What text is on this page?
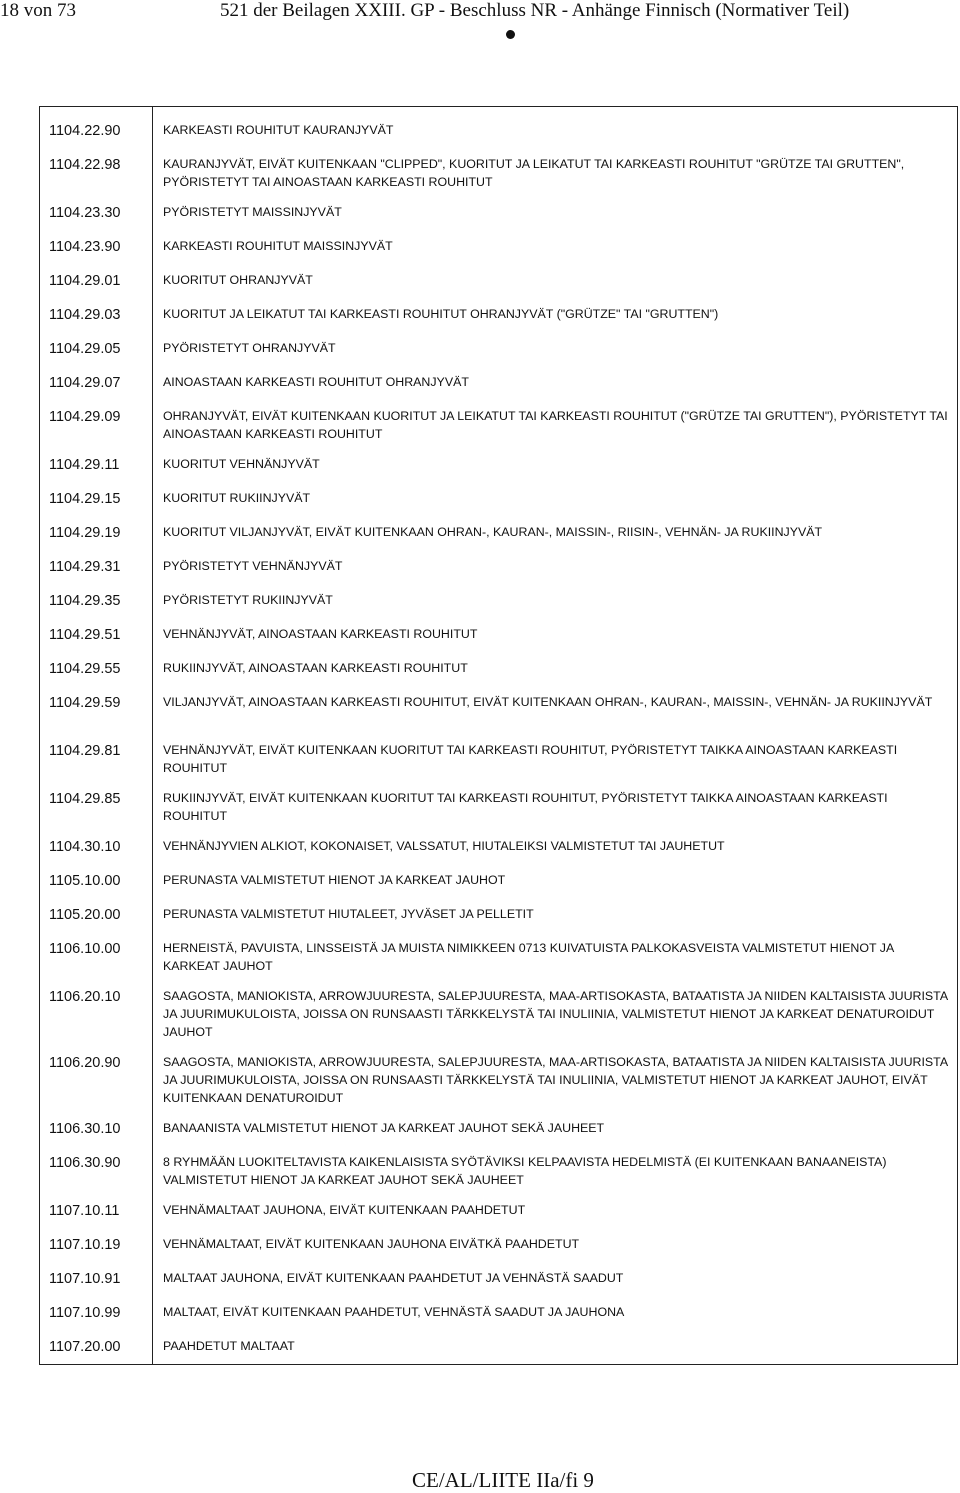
18 von 73	521 der Beilagen XXIII. GP - Beschluss NR - Anhänge Finnisch (Normativer Teil)
1104.22.90	KARKEASTI ROUHITUT KAURANJYVÄT
1104.22.98	KAURANJYVÄT, EIVÄT KUITENKAAN "CLIPPED", KUORITUT JA LEIKATUT TAI KARKEASTI ROUHITUT "GRÜTZE TAI GRUTTEN", PYÖRISTETYT TAI AINOASTAAN KARKEASTI ROUHITUT
1104.23.30	PYÖRISTETYT MAISSINJYVÄT
1104.23.90	KARKEASTI ROUHITUT MAISSINJYVÄT
1104.29.01	KUORITUT OHRANJYVÄT
1104.29.03	KUORITUT JA LEIKATUT TAI KARKEASTI ROUHITUT OHRANJYVÄT ("GRÜTZE" TAI "GRUTTEN")
1104.29.05	PYÖRISTETYT OHRANJYVÄT
1104.29.07	AINOASTAAN KARKEASTI ROUHITUT OHRANJYVÄT
1104.29.09	OHRANJYVÄT, EIVÄT KUITENKAAN KUORITUT JA LEIKATUT TAI KARKEASTI ROUHITUT ("GRÜTZE TAI GRUTTEN"), PYÖRISTETYT TAI AINOASTAAN KARKEASTI ROUHITUT
1104.29.11	KUORITUT VEHNÄNJYVÄT
1104.29.15	KUORITUT RUKIINJYVÄT
1104.29.19	KUORITUT VILJANJYVÄT, EIVÄT KUITENKAAN OHRAN-, KAURAN-, MAISSIN-, RIISIN-, VEHNÄN- JA RUKIINJYVÄT
1104.29.31	PYÖRISTETYT VEHNÄNJYVÄT
1104.29.35	PYÖRISTETYT RUKIINJYVÄT
1104.29.51	VEHNÄNJYVÄT, AINOASTAAN KARKEASTI ROUHITUT
1104.29.55	RUKIINJYVÄT, AINOASTAAN KARKEASTI ROUHITUT
1104.29.59	VILJANJYVÄT, AINOASTAAN KARKEASTI ROUHITUT, EIVÄT KUITENKAAN OHRAN-, KAURAN-, MAISSIN-, VEHNÄN- JA RUKIINJYVÄT
1104.29.81	VEHNÄNJYVÄT, EIVÄT KUITENKAAN KUORITUT TAI KARKEASTI ROUHITUT, PYÖRISTETYT TAIKKA AINOASTAAN KARKEASTI ROUHITUT
1104.29.85	RUKIINJYVÄT, EIVÄT KUITENKAAN KUORITUT TAI KARKEASTI ROUHITUT, PYÖRISTETYT TAIKKA AINOASTAAN KARKEASTI ROUHITUT
1104.30.10	VEHNÄNJYVIEN ALKIOT, KOKONAISET, VALSSATUT, HIUTALEIKSI VALMISTETUT TAI JAUHETUT
1105.10.00	PERUNASTA VALMISTETUT HIENOT JA KARKEAT JAUHOT
1105.20.00	PERUNASTA VALMISTETUT HIUTALEET, JYVÄSET JA PELLETIT
1106.10.00	HERNEISTÄ, PAVUISTA, LINSSEISTÄ JA MUISTA NIMIKKEEN 0713 KUIVATUISTA PALKOKASVEISTA VALMISTETUT HIENOT JA KARKEAT JAUHOT
1106.20.10	SAAGOSTA, MANIOKISTA, ARROWJUURESTA, SALEPJUURESTA, MAA-ARTISOKASTA, BATAATISTA JA NIIDEN KALTAISISTA JUURISTA JA JUURIMUKULOISTA, JOISSA ON RUNSAASTI TÄRKKELYSTÄ TAI INULIINIA, VALMISTETUT HIENOT JA KARKEAT DENATUROIDUT JAUHOT
1106.20.90	SAAGOSTA, MANIOKISTA, ARROWJUURESTA, SALEPJUURESTA, MAA-ARTISOKASTA, BATAATISTA JA NIIDEN KALTAISISTA JUURISTA JA JUURIMUKULOISTA, JOISSA ON RUNSAASTI TÄRKKELYSTÄ TAI INULIINIA, VALMISTETUT HIENOT JA KARKEAT JAUHOT, EIVÄT KUITENKAAN DENATUROIDUT
1106.30.10	BANAANISTA VALMISTETUT HIENOT JA KARKEAT JAUHOT SEKÄ JAUHEET
1106.30.90	8 RYHMÄÄN LUOKITELTAVISTA KAIKENLAISISTA SYÖTÄVIKSI KELPAAVISTA HEDELMISTÄ (EI KUITENKAAN BANAANEISTA) VALMISTETUT HIENOT JA KARKEAT JAUHOT SEKÄ JAUHEET
1107.10.11	VEHNÄMALTAAT JAUHONA, EIVÄT KUITENKAAN PAAHDETUT
1107.10.19	VEHNÄMALTAAT, EIVÄT KUITENKAAN JAUHONA EIVÄTKÄ PAAHDETUT
1107.10.91	MALTAAT JAUHONA, EIVÄT KUITENKAAN PAAHDETUT JA VEHNÄSTÄ SAADUT
1107.10.99	MALTAAT, EIVÄT KUITENKAAN PAAHDETUT, VEHNÄSTÄ SAADUT JA JAUHONA
1107.20.00	PAAHDETUT MALTAAT
CE/AL/LIITE IIa/fi 9
